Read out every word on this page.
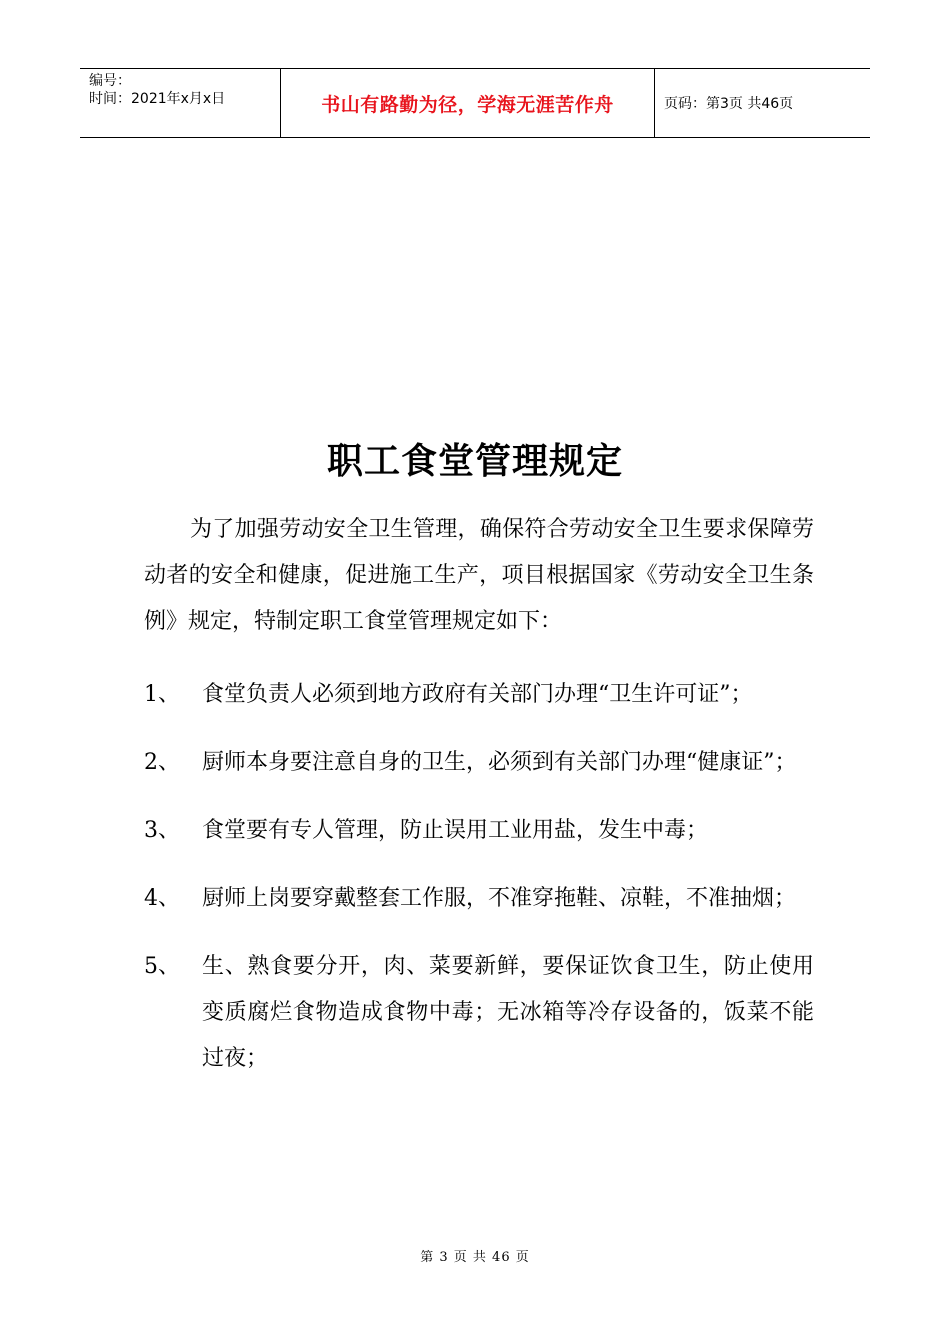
编号：
时间：2021年x月x日	书山有路勤为径，学海无涯苦作舟	页码：第3页 共46页
职工食堂管理规定

为了加强劳动安全卫生管理，确保符合劳动安全卫生要求保障劳动者的安全和健康，促进施工生产，项目根据国家《劳动安全卫生条例》规定，特制定职工食堂管理规定如下：

1、 食堂负责人必须到地方政府有关部门办理“卫生许可证”；
2、 厨师本身要注意自身的卫生，必须到有关部门办理“健康证”；
3、 食堂要有专人管理，防止误用工业用盐，发生中毒；
4、 厨师上岗要穿戴整套工作服，不准穿拖鞋、凉鞋，不准抽烟；
5、 生、熟食要分开，肉、菜要新鲜，要保证饮食卫生，防止使用变质腐烂食物造成食物中毒；无冰箱等冷存设备的，饭菜不能过夜；
第 3 页 共 46 页
